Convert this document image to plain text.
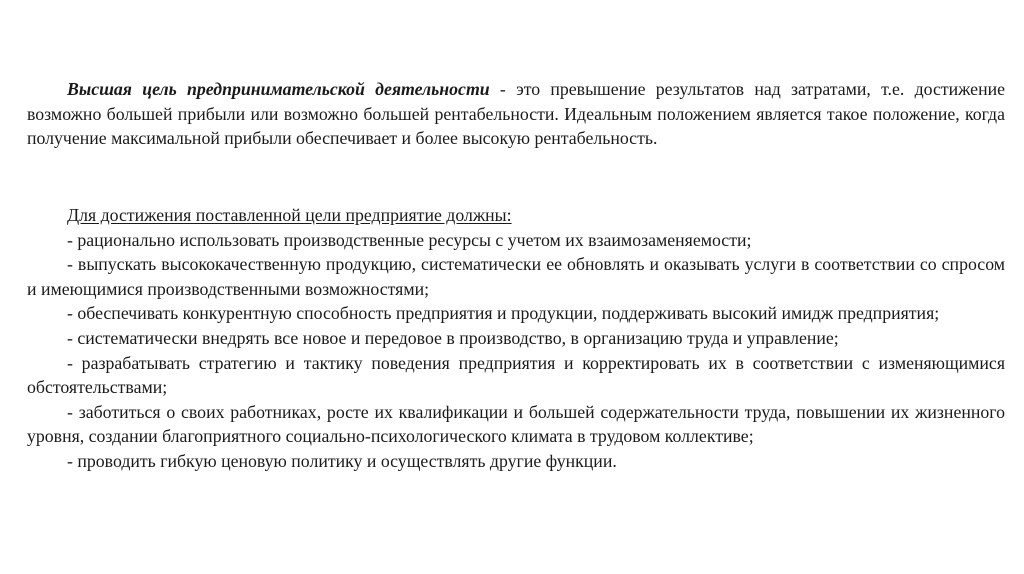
Высшая цель предпринимательской деятельности - это превышение результатов над затратами, т.е. достижение возможно большей прибыли или возможно большей рентабельности. Идеальным положением является такое положение, когда получение максимальной прибыли обеспечивает и более высокую рентабельность.

Для достижения поставленной цели предприятие должны:

- рационально использовать производственные ресурсы с учетом их взаимозаменяемости;

- выпускать высококачественную продукцию, систематически ее обновлять и оказывать услуги в соответствии со спросом и имеющимися производственными возможностями;

- обеспечивать конкурентную способность предприятия и продукции, поддерживать высокий имидж предприятия;

- систематически внедрять все новое и передовое в производство, в организацию труда и управление;

- разрабатывать стратегию и тактику поведения предприятия и корректировать их в соответствии с изменяющимися обстоятельствами;

- заботиться о своих работниках, росте их квалификации и большей содержательности труда, повышении их жизненного уровня, создании благоприятного социально-психологического климата в трудовом коллективе;

- проводить гибкую ценовую политику и осуществлять другие функции.
